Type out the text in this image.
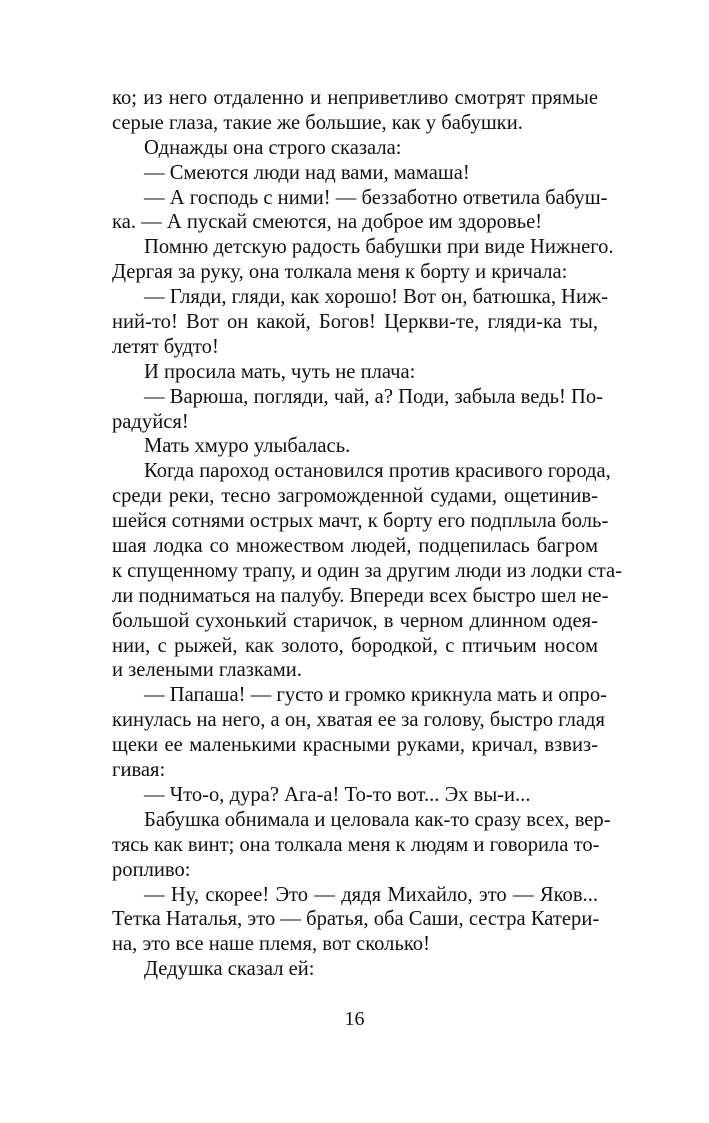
ко; из него отдаленно и неприветливо смотрят прямые
серые глаза, такие же большие, как у бабушки.
Однажды она строго сказала:
— Смеются люди над вами, мамаша!
— А господь с ними! — беззаботно ответила бабуш-
ка. — А пускай смеются, на доброе им здоровье!
Помню детскую радость бабушки при виде Нижнего.
Дергая за руку, она толкала меня к борту и кричала:
— Гляди, гляди, как хорошо! Вот он, батюшка, Ниж-
ний-то! Вот он какой, Богов! Церкви-те, гляди-ка ты,
летят будто!
И просила мать, чуть не плача:
— Варюша, погляди, чай, а? Поди, забыла ведь! По-
радуйся!
Мать хмуро улыбалась.
Когда пароход остановился против красивого города,
среди реки, тесно загроможденной судами, ощетинив-
шейся сотнями острых мачт, к борту его подплыла боль-
шая лодка со множеством людей, подцепилась багром
к спущенному трапу, и один за другим люди из лодки ста-
ли подниматься на палубу. Впереди всех быстро шел не-
большой сухонький старичок, в черном длинном одея-
нии, с рыжей, как золото, бородкой, с птичьим носом
и зелеными глазками.
— Папаша! — густо и громко крикнула мать и опро-
кинулась на него, а он, хватая ее за голову, быстро гладя
щеки ее маленькими красными руками, кричал, взвиз-
гивая:
— Что-о, дура? Ага-а! То-то вот... Эх вы-и...
Бабушка обнимала и целовала как-то сразу всех, вер-
тясь как винт; она толкала меня к людям и говорила то-
ропливо:
— Ну, скорее! Это — дядя Михайло, это — Яков...
Тетка Наталья, это — братья, оба Саши, сестра Катери-
на, это все наше племя, вот сколько!
Дедушка сказал ей:
16
